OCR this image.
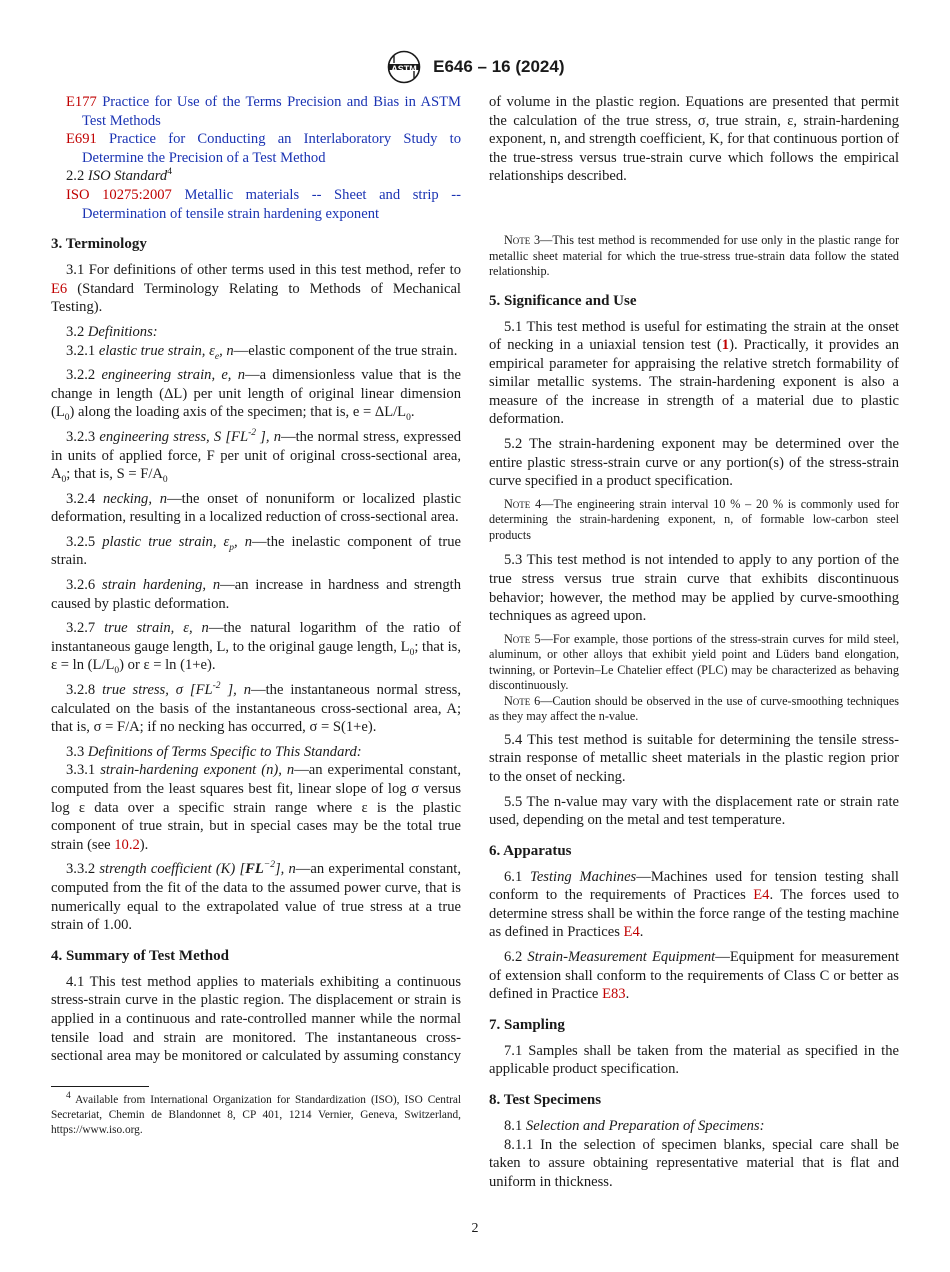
ASTM E646 – 16 (2024)

E177 Practice for Use of the Terms Precision and Bias in ASTM Test Methods

E691 Practice for Conducting an Interlaboratory Study to Determine the Precision of a Test Method

2.2 ISO Standard$^4$

ISO 10275:2007 Metallic materials -- Sheet and strip -- Determination of tensile strain hardening exponent

3. Terminology

3.1 For definitions of other terms used in this test method, refer to E6 (Standard Terminology Relating to Methods of Mechanical Testing).

3.2 Definitions:

3.2.1 elastic true strain, $\varepsilon_e$, n—elastic component of the true strain.

3.2.2 engineering strain, e, n—a dimensionless value that is the change in length (ΔL) per unit length of original linear dimension $(L_0)$ along the loading axis of the specimen; that is, $e = \Delta L/L_0$.

3.2.3 engineering stress, S [$FL^{-2}$ ], n—the normal stress, expressed in units of applied force, F per unit of original cross-sectional area, $A_0$; that is, $S = F/A_0$

3.2.4 necking, n—the onset of nonuniform or localized plastic deformation, resulting in a localized reduction of cross-sectional area.

3.2.5 plastic true strain, $\varepsilon_p$, n—the inelastic component of true strain.

3.2.6 strain hardening, n—an increase in hardness and strength caused by plastic deformation.

3.2.7 true strain, ε, n—the natural logarithm of the ratio of instantaneous gauge length, L, to the original gauge length, $L_0$; that is, $\varepsilon = \ln (L/L_0)$ or ε = ln (1+e).

3.2.8 true stress, σ [$FL^{-2}$ ], n—the instantaneous normal stress, calculated on the basis of the instantaneous cross-sectional area, A; that is, σ = F/A; if no necking has occurred, σ = S(1+e).

3.3 Definitions of Terms Specific to This Standard:

3.3.1 strain-hardening exponent (n), n—an experimental constant, computed from the least squares best fit, linear slope of log σ versus log ε data over a specific strain range where ε is the plastic component of true strain, but in special cases may be the total true strain (see 10.2).

3.3.2 strength coefficient (K) $[FL^{-2}]$, n—an experimental constant, computed from the fit of the data to the assumed power curve, that is numerically equal to the extrapolated value of true stress at a true strain of 1.00.

4. Summary of Test Method

4.1 This test method applies to materials exhibiting a continuous stress-strain curve in the plastic region. The displacement or strain is applied in a continuous and rate-controlled manner while the normal tensile load and strain are monitored. The instantaneous cross-sectional area may be monitored or calculated by assuming constancy

$^4$ Available from International Organization for Standardization (ISO), ISO Central Secretariat, Chemin de Blandonnet 8, CP 401, 1214 Vernier, Geneva, Switzerland, https://www.iso.org.

of volume in the plastic region. Equations are presented that permit the calculation of the true stress, σ, true strain, ε, strain-hardening exponent, n, and strength coefficient, K, for that continuous portion of the true-stress versus true-strain curve which follows the empirical relationships described.

Note 3—This test method is recommended for use only in the plastic range for metallic sheet material for which the true-stress true-strain data follow the stated relationship.

5. Significance and Use

5.1 This test method is useful for estimating the strain at the onset of necking in a uniaxial tension test (1). Practically, it provides an empirical parameter for appraising the relative stretch formability of similar metallic systems. The strain-hardening exponent is also a measure of the increase in strength of a material due to plastic deformation.

5.2 The strain-hardening exponent may be determined over the entire plastic stress-strain curve or any portion(s) of the stress-strain curve specified in a product specification.

Note 4—The engineering strain interval 10 % – 20 % is commonly used for determining the strain-hardening exponent, n, of formable low-carbon steel products

5.3 This test method is not intended to apply to any portion of the true stress versus true strain curve that exhibits discontinuous behavior; however, the method may be applied by curve-smoothing techniques as agreed upon.

Note 5—For example, those portions of the stress-strain curves for mild steel, aluminum, or other alloys that exhibit yield point and Lüders band elongation, twinning, or Portevin–Le Chatelier effect (PLC) may be characterized as behaving discontinuously.

Note 6—Caution should be observed in the use of curve-smoothing techniques as they may affect the n-value.

5.4 This test method is suitable for determining the tensile stress-strain response of metallic sheet materials in the plastic region prior to the onset of necking.

5.5 The n-value may vary with the displacement rate or strain rate used, depending on the metal and test temperature.

6. Apparatus

6.1 Testing Machines—Machines used for tension testing shall conform to the requirements of Practices E4. The forces used to determine stress shall be within the force range of the testing machine as defined in Practices E4.

6.2 Strain-Measurement Equipment—Equipment for measurement of extension shall conform to the requirements of Class C or better as defined in Practice E83.

7. Sampling

7.1 Samples shall be taken from the material as specified in the applicable product specification.

8. Test Specimens

8.1 Selection and Preparation of Specimens:

8.1.1 In the selection of specimen blanks, special care shall be taken to assure obtaining representative material that is flat and uniform in thickness.

2
